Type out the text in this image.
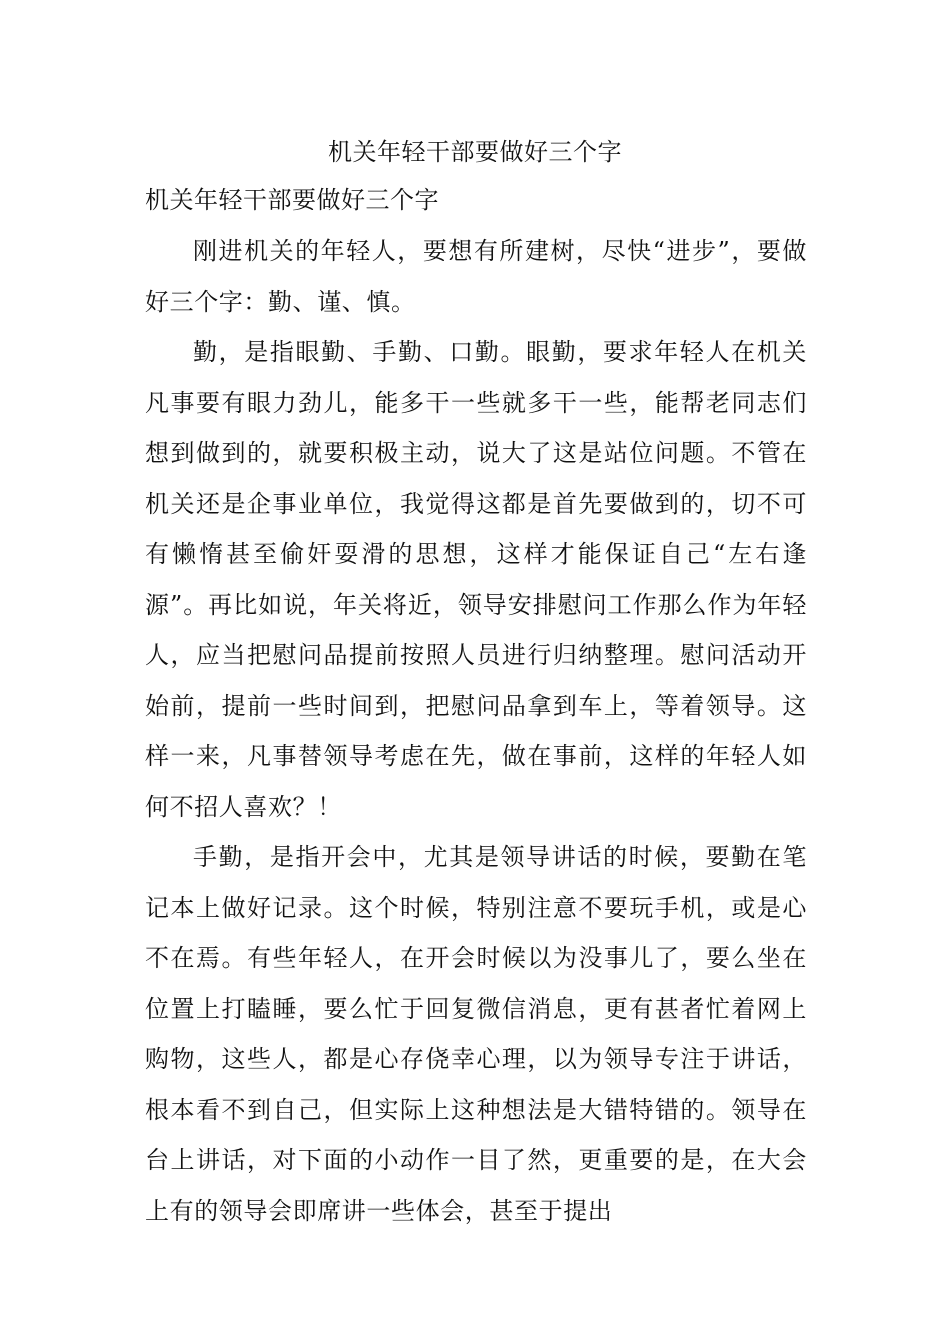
机关年轻干部要做好三个字
机关年轻干部要做好三个字

刚进机关的年轻人，要想有所建树，尽快“进步”，要做好三个字：勤、谨、慎。

勤，是指眼勤、手勤、口勤。眼勤，要求年轻人在机关凡事要有眼力劲儿，能多干一些就多干一些，能帮老同志们想到做到的，就要积极主动，说大了这是站位问题。不管在机关还是企事业单位，我觉得这都是首先要做到的，切不可有懒惰甚至偷奸耍滑的思想，这样才能保证自己“左右逢源”。再比如说，年关将近，领导安排慰问工作那么作为年轻人，应当把慰问品提前按照人员进行归纳整理。慰问活动开始前，提前一些时间到，把慰问品拿到车上，等着领导。这样一来，凡事替领导考虑在先，做在事前，这样的年轻人如何不招人喜欢？！

手勤，是指开会中，尤其是领导讲话的时候，要勤在笔记本上做好记录。这个时候，特别注意不要玩手机，或是心不在焉。有些年轻人，在开会时候以为没事儿了，要么坐在位置上打瞌睡，要么忙于回复微信消息，更有甚者忙着网上购物，这些人，都是心存侥幸心理，以为领导专注于讲话，根本看不到自己，但实际上这种想法是大错特错的。领导在台上讲话，对下面的小动作一目了然，更重要的是，在大会上有的领导会即席讲一些体会，甚至于提出
